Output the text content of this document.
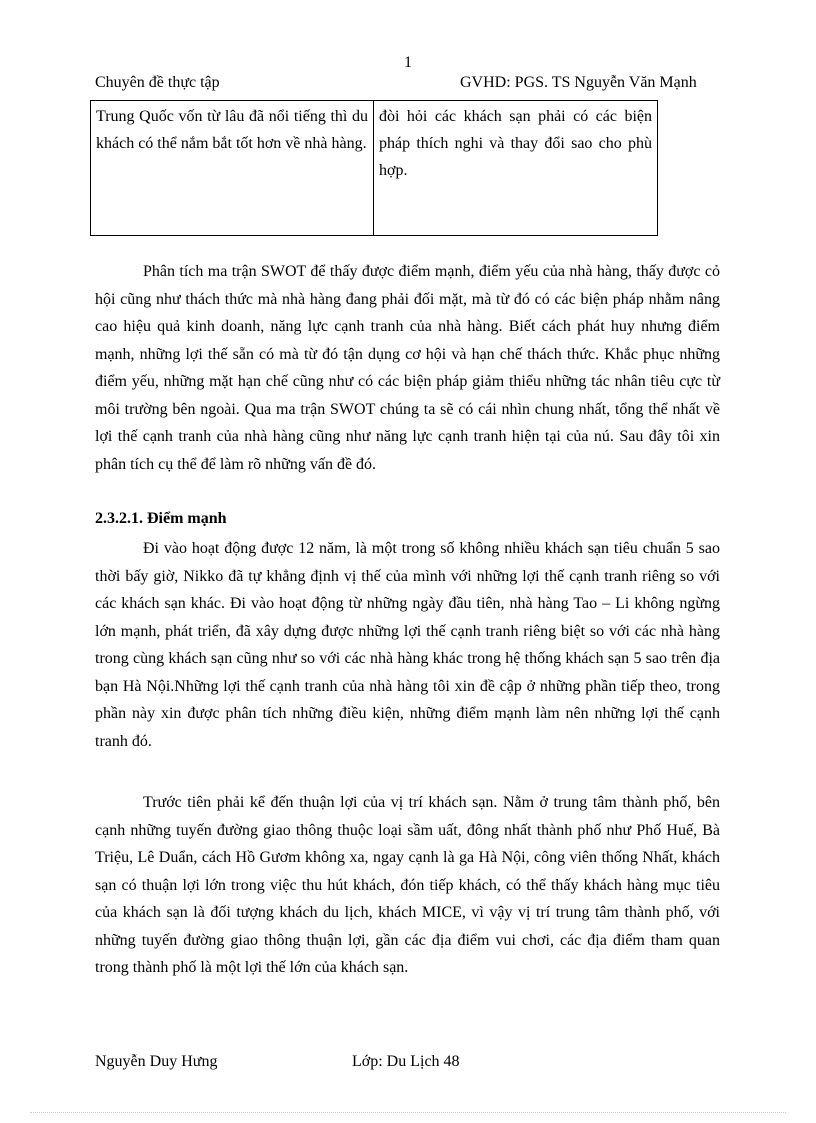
1
Chuyên đề thực tập	GVHD: PGS. TS Nguyễn Văn Mạnh
Trung Quốc vốn từ lâu đã nổi tiếng thì du khách có thể nắm bắt tốt hơn về nhà hàng.	đòi hỏi các khách sạn phải có các biện pháp thích nghi và thay đổi sao cho phù hợp.

Phân tích ma trận SWOT để thấy được điểm mạnh, điểm yếu của nhà hàng, thấy được cỏ hội cũng như thách thức mà nhà hàng đang phải đối mặt, mà từ đó có các biện pháp nhằm nâng cao hiệu quả kinh doanh, năng lực cạnh tranh của nhà hàng. Biết cách phát huy nhưng điểm mạnh, những lợi thế sẵn có mà từ đó tận dụng cơ hội và hạn chế thách thức. Khắc phục những điểm yếu, những mặt hạn chế cũng như có các biện pháp giảm thiểu những tác nhân tiêu cực từ môi trường bên ngoài. Qua ma trận SWOT chúng ta sẽ có cái nhìn chung nhất, tổng thể nhất về lợi thế cạnh tranh của nhà hàng cũng như năng lực cạnh tranh hiện tại của nú. Sau đây tôi xin phân tích cụ thể để làm rõ những vấn đề đó.

2.3.2.1. Điểm mạnh

Đi vào hoạt động được 12 năm, là một trong số không nhiều khách sạn tiêu chuẩn 5 sao thời bấy giờ, Nikko đã tự khẳng định vị thế của mình với những lợi thế cạnh tranh riêng so với các khách sạn khác. Đi vào hoạt động từ những ngày đầu tiên, nhà hàng Tao – Li không ngừng lớn mạnh, phát triển, đã xây dựng được những lợi thế cạnh tranh riêng biệt so với các nhà hàng trong cùng khách sạn cũng như so với các nhà hàng khác trong hệ thống khách sạn 5 sao trên địa bạn Hà Nội.Những lợi thế cạnh tranh của nhà hàng tôi xin đề cập ở những phần tiếp theo, trong phần này xin được phân tích những điều kiện, những điểm mạnh làm nên những lợi thế cạnh tranh đó.

Trước tiên phải kể đến thuận lợi của vị trí khách sạn. Nằm ở trung tâm thành phố, bên cạnh những tuyến đường giao thông thuộc loại sầm uất, đông nhất thành phố như Phố Huế, Bà Triệu, Lê Duẩn, cách Hồ Gươm không xa, ngay cạnh là ga Hà Nội, công viên thống Nhất, khách sạn có thuận lợi lớn trong việc thu hút khách, đón tiếp khách, có thể thấy khách hàng mục tiêu của khách sạn là đối tượng khách du lịch, khách MICE, vì vậy vị trí trung tâm thành phố, với những tuyến đường giao thông thuận lợi, gần các địa điểm vui chơi, các địa điểm tham quan trong thành phố là một lợi thế lớn của khách sạn.

Nguyễn Duy Hưng	Lớp: Du Lịch 48
